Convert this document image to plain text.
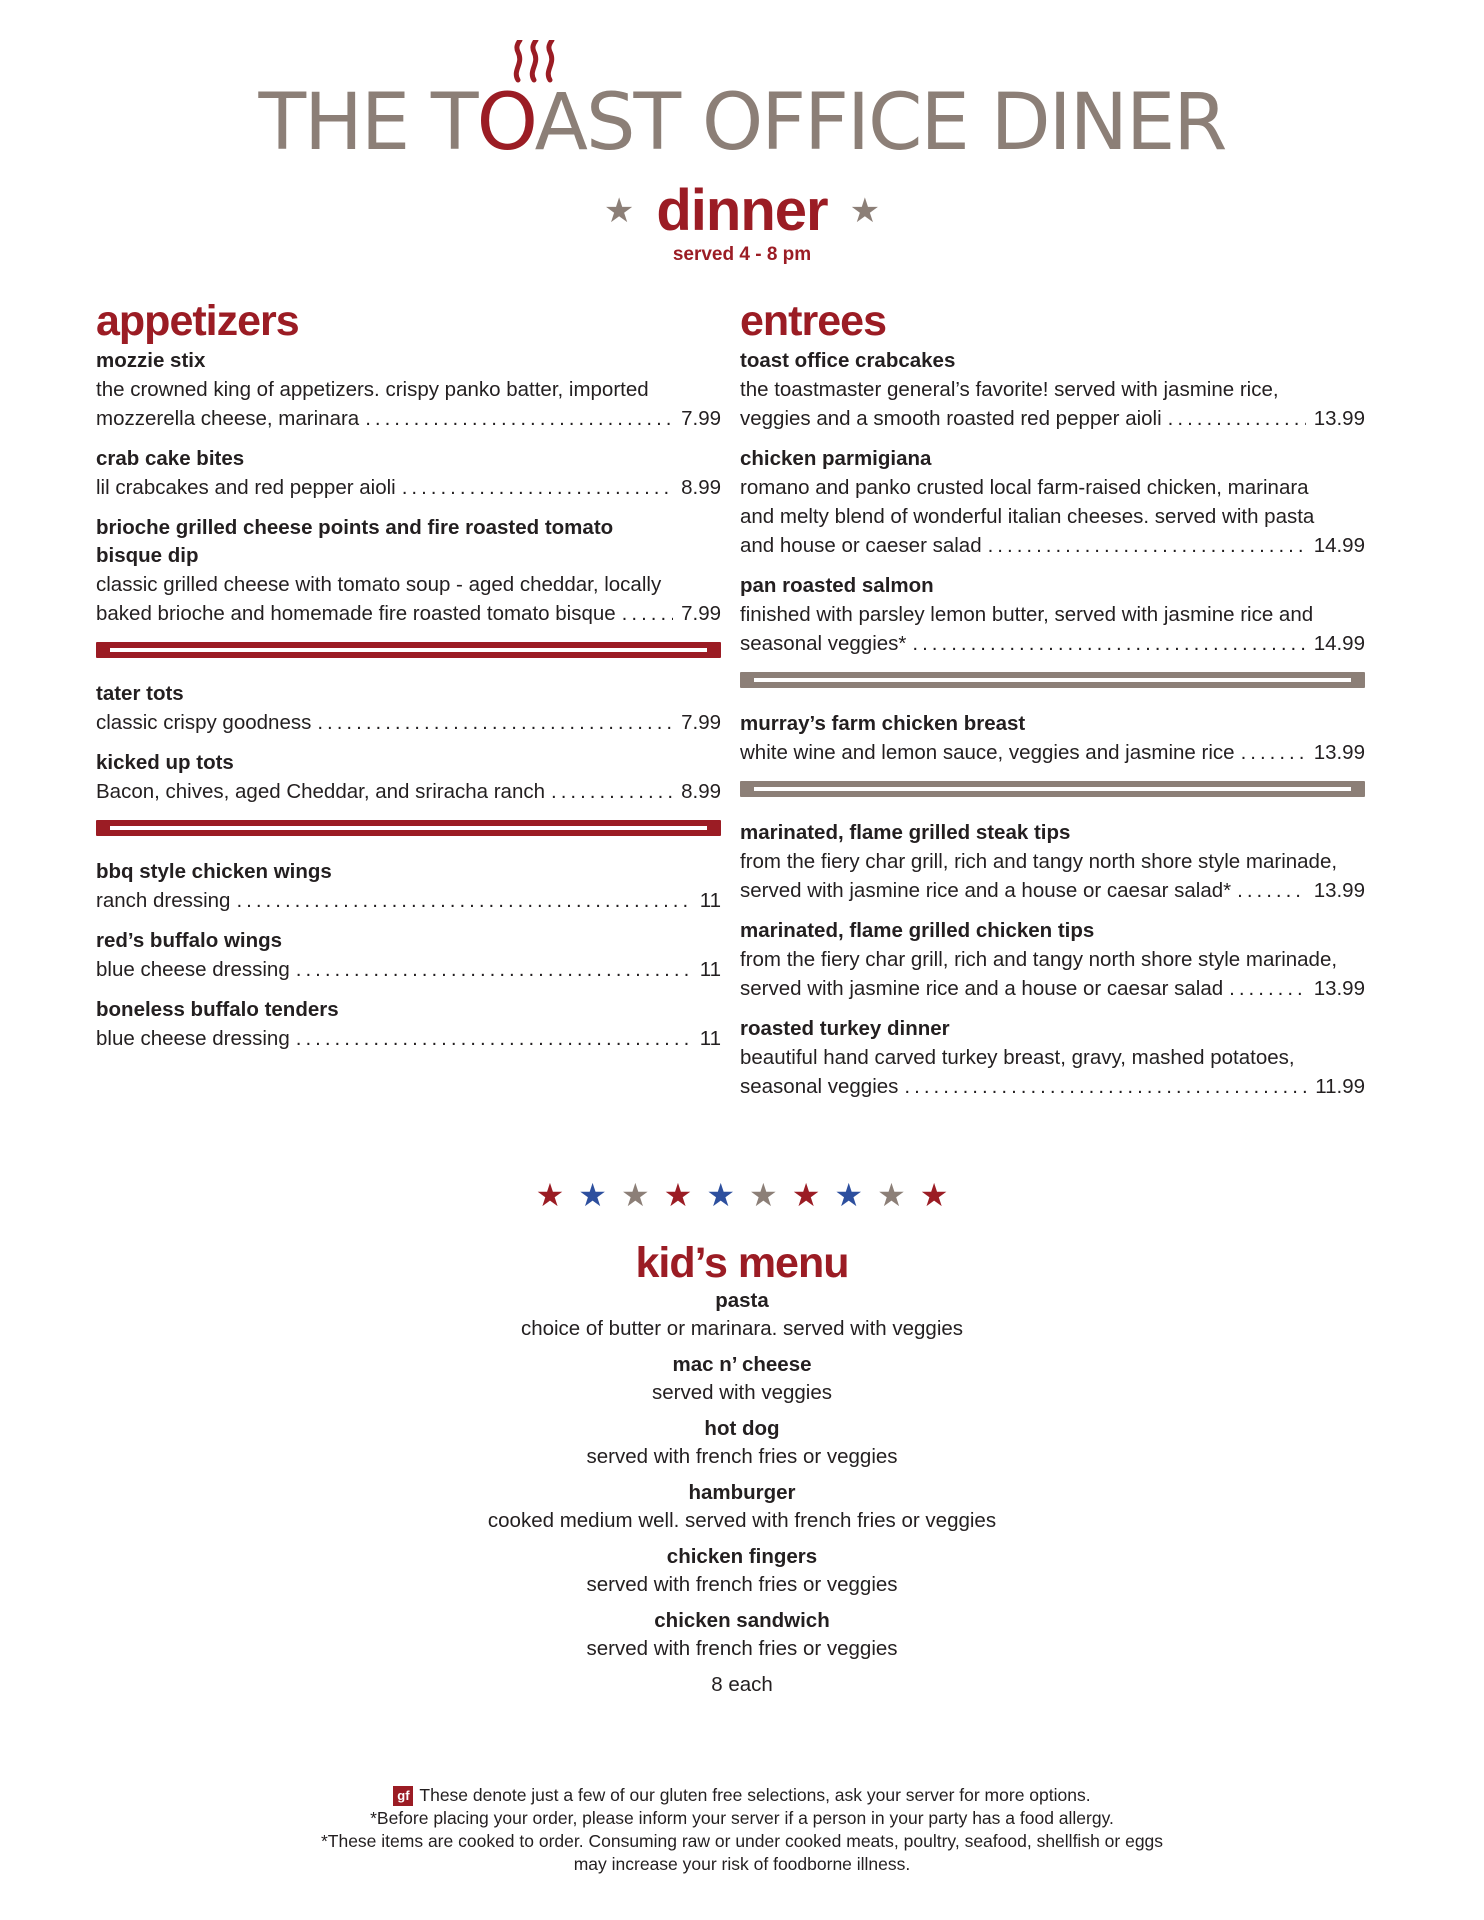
THE TOAST OFFICE DINER
★ dinner ★
served 4 - 8 pm
appetizers
mozzie stix
the crowned king of appetizers. crispy panko batter, imported
mozzerella cheese, marinara .....	7.99
crab cake bites
lil crabcakes and red pepper aioli .....	8.99
brioche grilled cheese points and fire roasted tomato
bisque dip
classic grilled cheese with tomato soup - aged cheddar, locally
baked brioche and homemade fire roasted tomato bisque .....	7.99
tater tots
classic crispy goodness .....	7.99
kicked up tots
Bacon, chives, aged Cheddar, and sriracha ranch .....	8.99
bbq style chicken wings
ranch dressing .....	11
red’s buffalo wings
blue cheese dressing .....	11
boneless buffalo tenders
blue cheese dressing .....	11
entrees
toast office crabcakes
the toastmaster general’s favorite! served with jasmine rice,
veggies and a smooth roasted red pepper aioli .....	13.99
chicken parmigiana
romano and panko crusted local farm-raised chicken, marinara
and melty blend of wonderful italian cheeses. served with pasta
and house or caeser salad .....	14.99
pan roasted salmon
finished with parsley lemon butter, served with jasmine rice and
seasonal veggies* .....	14.99
murray’s farm chicken breast
white wine and lemon sauce, veggies and jasmine rice .....	13.99
marinated, flame grilled steak tips
from the fiery char grill, rich and tangy north shore style marinade,
served with jasmine rice and a house or caesar salad* .....	13.99
marinated, flame grilled chicken tips
from the fiery char grill, rich and tangy north shore style marinade,
served with jasmine rice and a house or caesar salad .....	13.99
roasted turkey dinner
beautiful hand carved turkey breast, gravy, mashed potatoes,
seasonal veggies .....	11.99
★ ★ ★ ★ ★ ★ ★ ★ ★ ★
kid’s menu
pasta
choice of butter or marinara. served with veggies
mac n’ cheese
served with veggies
hot dog
served with french fries or veggies
hamburger
cooked medium well. served with french fries or veggies
chicken fingers
served with french fries or veggies
chicken sandwich
served with french fries or veggies
8 each
gf These denote just a few of our gluten free selections, ask your server for more options.
*Before placing your order, please inform your server if a person in your party has a food allergy.
*These items are cooked to order. Consuming raw or under cooked meats, poultry, seafood, shellfish or eggs
may increase your risk of foodborne illness.
